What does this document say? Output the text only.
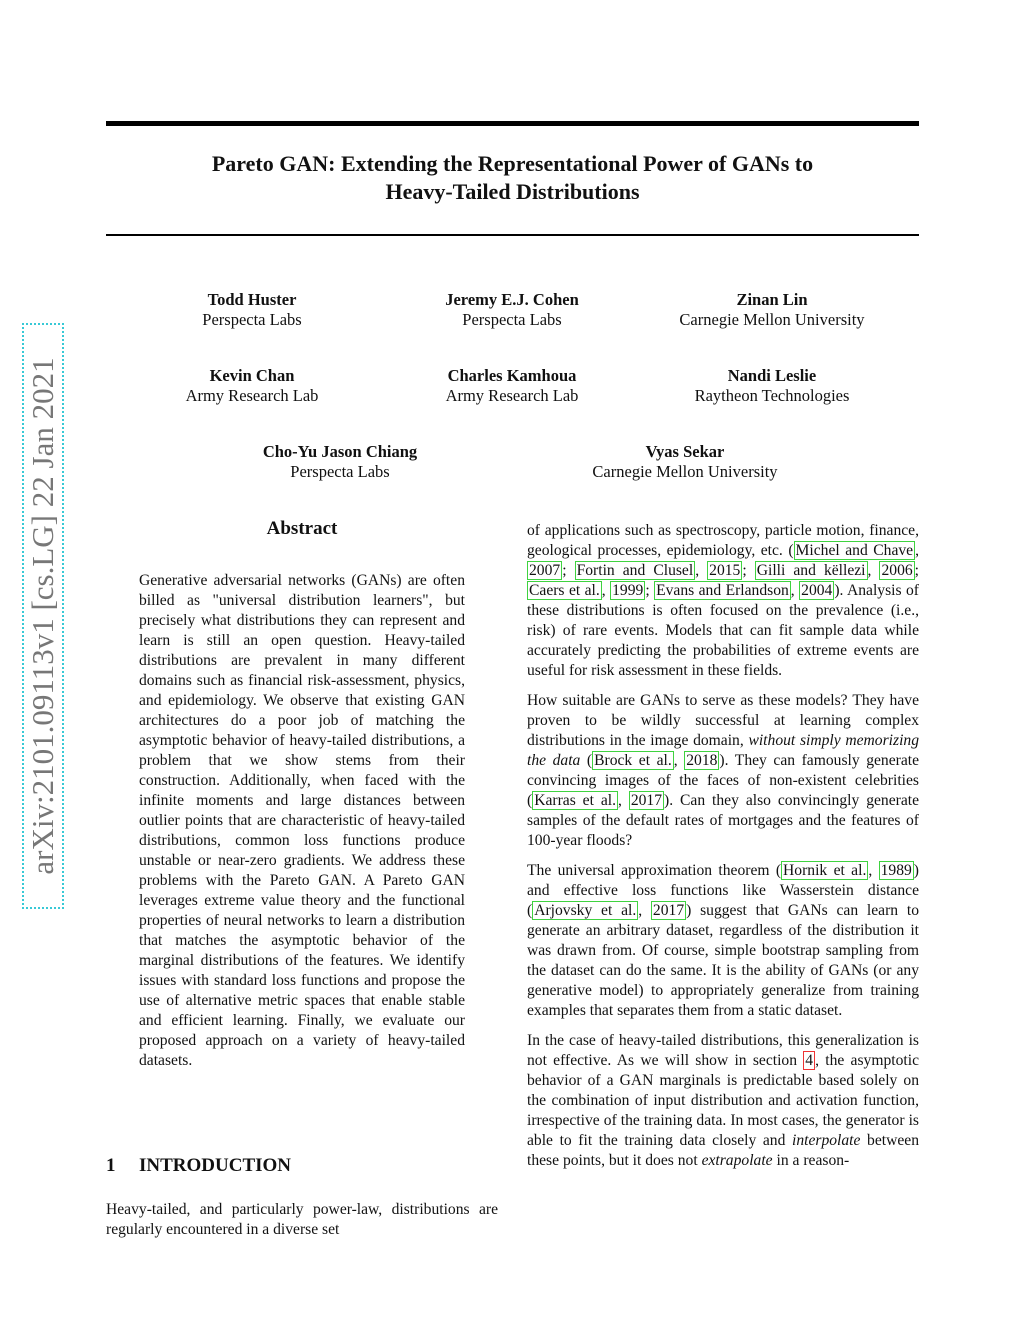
arXiv:2101.09113v1 [cs.LG] 22 Jan 2021
Pareto GAN: Extending the Representational Power of GANs to
Heavy-Tailed Distributions
Todd Huster
Perspecta Labs
Jeremy E.J. Cohen
Perspecta Labs
Zinan Lin
Carnegie Mellon University
Kevin Chan
Army Research Lab
Charles Kamhoua
Army Research Lab
Nandi Leslie
Raytheon Technologies
Cho-Yu Jason Chiang
Perspecta Labs
Vyas Sekar
Carnegie Mellon University
Abstract

Generative adversarial networks (GANs) are often billed as "universal distribution learners", but precisely what distributions they can represent and learn is still an open question. Heavy-tailed distributions are prevalent in many different domains such as financial risk-assessment, physics, and epidemiology. We observe that existing GAN architectures do a poor job of matching the asymptotic behavior of heavy-tailed distributions, a problem that we show stems from their construction. Additionally, when faced with the infinite moments and large distances between outlier points that are characteristic of heavy-tailed distributions, common loss functions produce unstable or near-zero gradients. We address these problems with the Pareto GAN. A Pareto GAN leverages extreme value theory and the functional properties of neural networks to learn a distribution that matches the asymptotic behavior of the marginal distributions of the features. We identify issues with standard loss functions and propose the use of alternative metric spaces that enable stable and efficient learning. Finally, we evaluate our proposed approach on a variety of heavy-tailed datasets.

1 INTRODUCTION
Heavy-tailed, and particularly power-law, distributions are regularly encountered in a diverse set

of applications such as spectroscopy, particle motion, finance, geological processes, epidemiology, etc. ( Michel and Chave , 2007 ; Fortin and Clusel , 2015 ; Gilli and këllezi , 2006 ; Caers et al. , 1999 ; Evans and Erlandson , 2004 ). Analysis of these distributions is often focused on the prevalence (i.e., risk) of rare events. Models that can fit sample data while accurately predicting the probabilities of extreme events are useful for risk assessment in these fields.

How suitable are GANs to serve as these models? They have proven to be wildly successful at learning complex distributions in the image domain, without simply memorizing the data ( Brock et al. , 2018 ). They can famously generate convincing images of the faces of non-existent celebrities ( Karras et al. , 2017 ). Can they also convincingly generate samples of the default rates of mortgages and the features of 100-year floods?

The universal approximation theorem ( Hornik et al. , 1989 ) and effective loss functions like Wasserstein distance ( Arjovsky et al. , 2017 ) suggest that GANs can learn to generate an arbitrary dataset, regardless of the distribution it was drawn from. Of course, simple bootstrap sampling from the dataset can do the same. It is the ability of GANs (or any generative model) to appropriately generalize from training examples that separates them from a static dataset.

In the case of heavy-tailed distributions, this generalization is not effective. As we will show in section 4 , the asymptotic behavior of a GAN marginals is predictable based solely on the combination of input distribution and activation function, irrespective of the training data. In most cases, the generator is able to fit the training data closely and interpolate between these points, but it does not extrapolate in a reason-
